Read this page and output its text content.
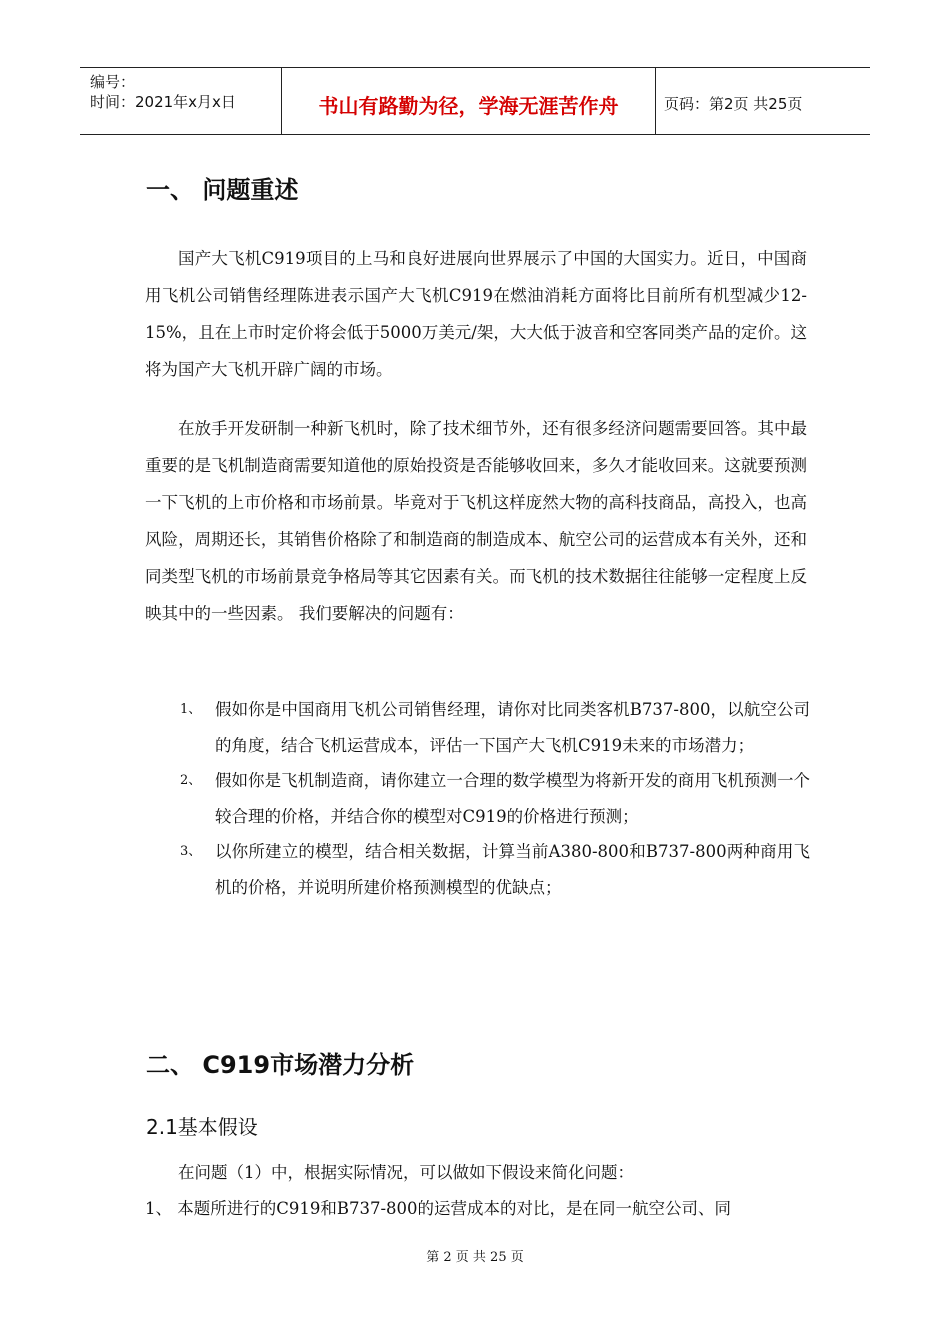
编号：
时间：2021年x月x日	书山有路勤为径，学海无涯苦作舟	页码：第2页 共25页
一、 问题重述

国产大飞机C919项目的上马和良好进展向世界展示了中国的大国实力。近日，中国商用飞机公司销售经理陈进表示国产大飞机C919在燃油消耗方面将比目前所有机型减少12-15%，且在上市时定价将会低于5000万美元/架，大大低于波音和空客同类产品的定价。这将为国产大飞机开辟广阔的市场。

在放手开发研制一种新飞机时，除了技术细节外，还有很多经济问题需要回答。其中最重要的是飞机制造商需要知道他的原始投资是否能够收回来，多久才能收回来。这就要预测一下飞机的上市价格和市场前景。毕竟对于飞机这样庞然大物的高科技商品，高投入，也高风险，周期还长，其销售价格除了和制造商的制造成本、航空公司的运营成本有关外，还和同类型飞机的市场前景竞争格局等其它因素有关。而飞机的技术数据往往能够一定程度上反映其中的一些因素。 我们要解决的问题有：

1、 假如你是中国商用飞机公司销售经理，请你对比同类客机B737-800，以航空公司的角度，结合飞机运营成本，评估一下国产大飞机C919未来的市场潜力；
2、 假如你是飞机制造商，请你建立一合理的数学模型为将新开发的商用飞机预测一个较合理的价格，并结合你的模型对C919的价格进行预测；
3、 以你所建立的模型，结合相关数据，计算当前A380-800和B737-800两种商用飞机的价格，并说明所建价格预测模型的优缺点；
二、 C919市场潜力分析
2.1基本假设
在问题（1）中，根据实际情况，可以做如下假设来简化问题：
1、 本题所进行的C919和B737-800的运营成本的对比，是在同一航空公司、同
第 2 页 共 25 页
